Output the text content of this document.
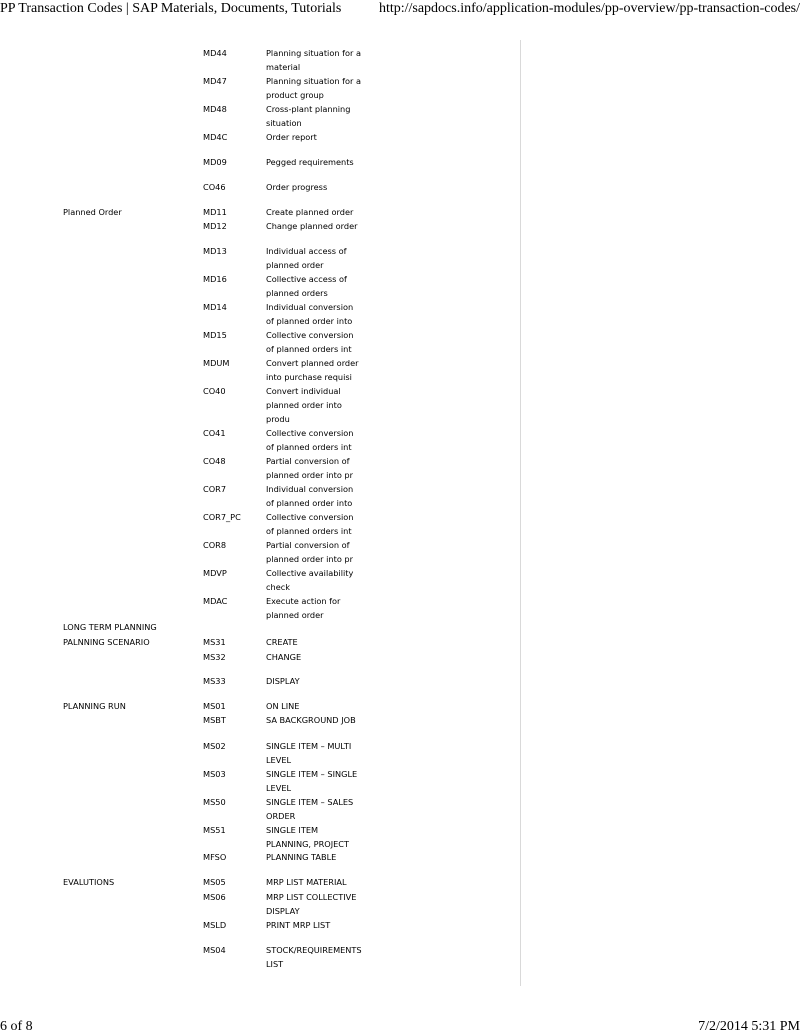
PP Transaction Codes | SAP Materials, Documents, Tutorials	http://sapdocs.info/application-modules/pp-overview/pp-transaction-codes/
MD44	Planning situation for a material
MD47	Planning situation for a product group
MD48	Cross-plant planning situation
MD4C	Order report
MD09	Pegged requirements
CO46	Order progress
Planned Order	MD11	Create planned order
MD12	Change planned order
MD13	Individual access of planned order
MD16	Collective access of planned orders
MD14	Individual conversion of planned order into
MD15	Collective conversion of planned orders int
MDUM	Convert planned order into purchase requisi
CO40	Convert individual planned order into produ
CO41	Collective conversion of planned orders int
CO48	Partial conversion of planned order into pr
COR7	Individual conversion of planned order into
COR7_PC	Collective conversion of planned orders int
COR8	Partial conversion of planned order into pr
MDVP	Collective availability check
MDAC	Execute action for planned order
LONG TERM PLANNING
PALNNING SCENARIO	MS31	CREATE
MS32	CHANGE
MS33	DISPLAY
PLANNING RUN	MS01	ON LINE
MSBT	SA BACKGROUND JOB
MS02	SINGLE ITEM – MULTI LEVEL
MS03	SINGLE ITEM – SINGLE LEVEL
MS50	SINGLE ITEM – SALES ORDER
MS51	SINGLE ITEM PLANNING, PROJECT
MFSO	PLANNING TABLE
EVALUTIONS	MS05	MRP LIST MATERIAL
MS06	MRP LIST COLLECTIVE DISPLAY
MSLD	PRINT MRP LIST
MS04	STOCK/REQUIREMENTS LIST
6 of 8	7/2/2014 5:31 PM
